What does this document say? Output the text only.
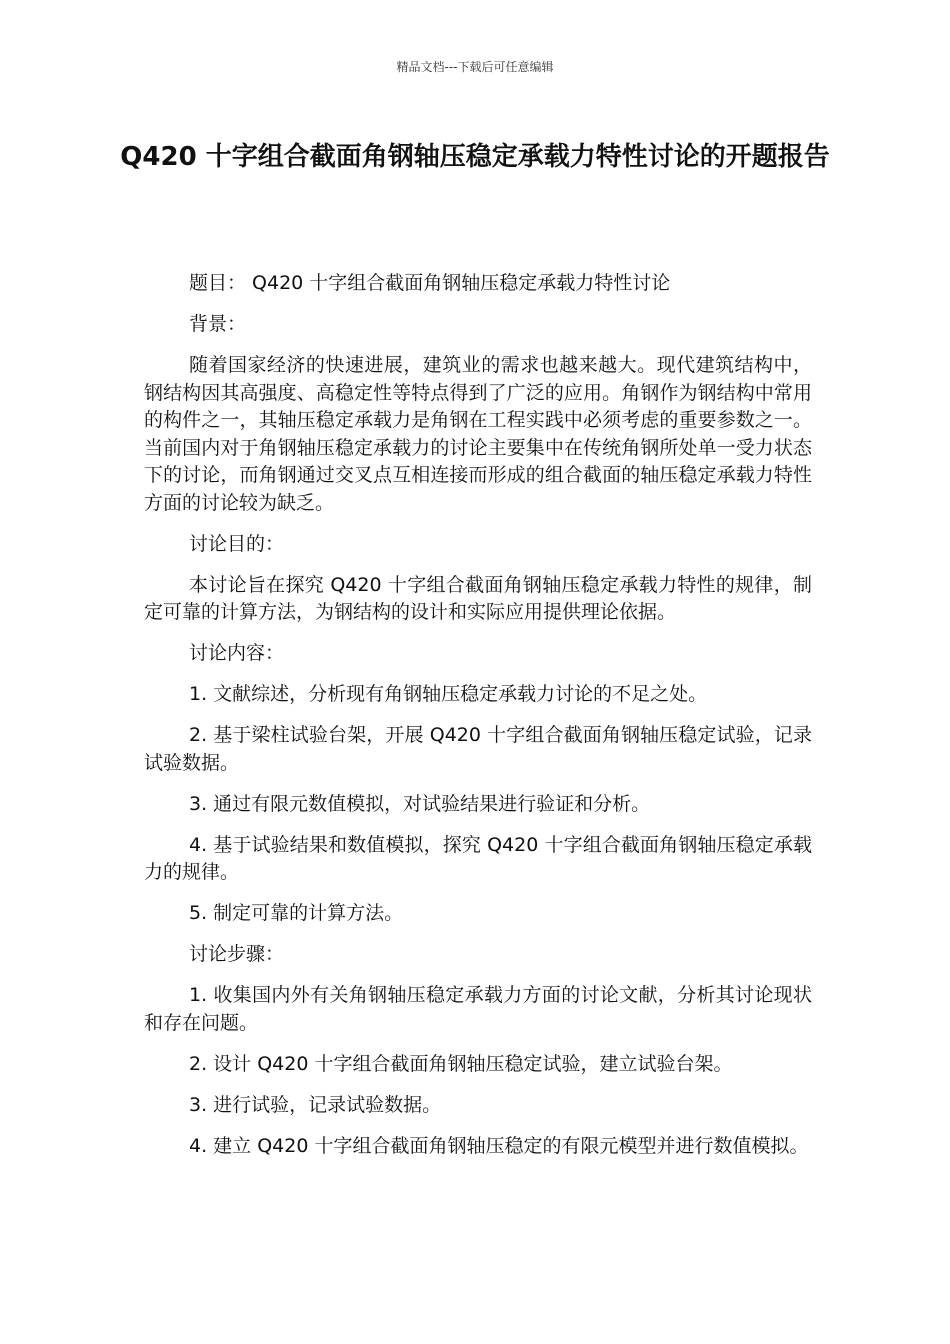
精品文档---下载后可任意编辑
Q420 十字组合截面角钢轴压稳定承载力特性讨论的开题报告

题目： Q420 十字组合截面角钢轴压稳定承载力特性讨论

背景：

随着国家经济的快速进展，建筑业的需求也越来越大。现代建筑结构中，钢结构因其高强度、高稳定性等特点得到了广泛的应用。角钢作为钢结构中常用的构件之一，其轴压稳定承载力是角钢在工程实践中必须考虑的重要参数之一。当前国内对于角钢轴压稳定承载力的讨论主要集中在传统角钢所处单一受力状态下的讨论，而角钢通过交叉点互相连接而形成的组合截面的轴压稳定承载力特性方面的讨论较为缺乏。

讨论目的：

本讨论旨在探究 Q420 十字组合截面角钢轴压稳定承载力特性的规律，制定可靠的计算方法，为钢结构的设计和实际应用提供理论依据。

讨论内容：

1. 文献综述，分析现有角钢轴压稳定承载力讨论的不足之处。

2. 基于梁柱试验台架，开展 Q420 十字组合截面角钢轴压稳定试验，记录试验数据。

3. 通过有限元数值模拟，对试验结果进行验证和分析。

4. 基于试验结果和数值模拟，探究 Q420 十字组合截面角钢轴压稳定承载力的规律。

5. 制定可靠的计算方法。

讨论步骤：

1. 收集国内外有关角钢轴压稳定承载力方面的讨论文献，分析其讨论现状和存在问题。

2. 设计 Q420 十字组合截面角钢轴压稳定试验，建立试验台架。

3. 进行试验，记录试验数据。

4. 建立 Q420 十字组合截面角钢轴压稳定的有限元模型并进行数值模拟。
